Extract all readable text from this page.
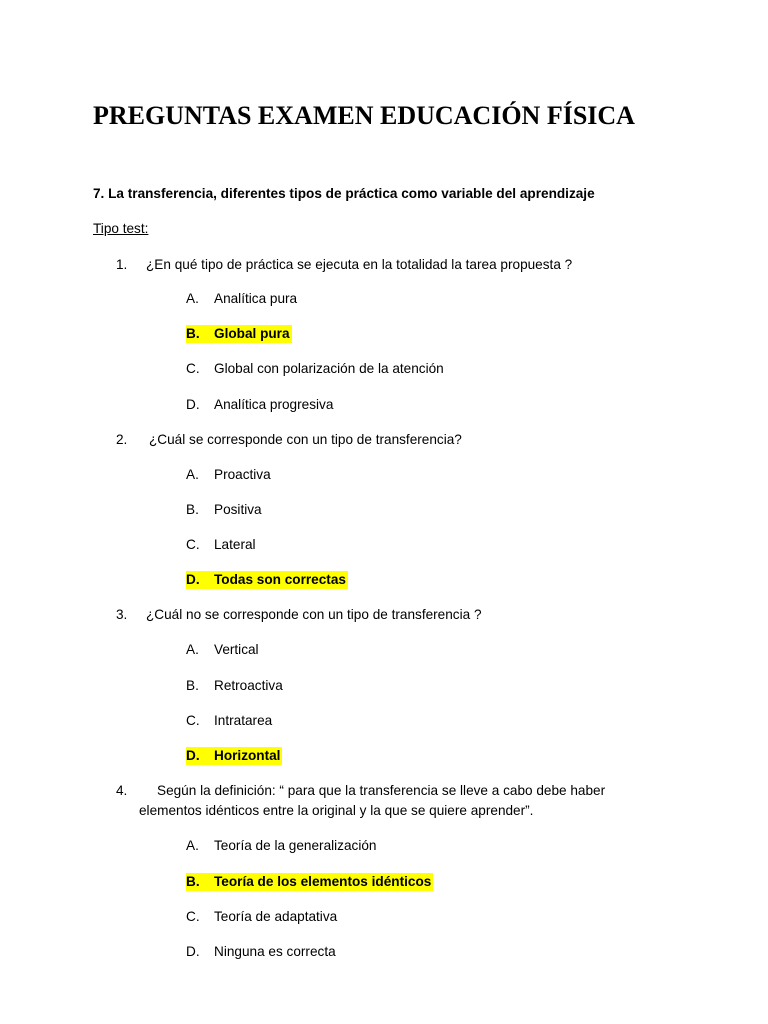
PREGUNTAS EXAMEN EDUCACIÓN FÍSICA
7. La transferencia, diferentes tipos de práctica como variable del aprendizaje
Tipo test:
1. ¿En qué tipo de práctica se ejecuta en la totalidad la tarea propuesta ?
A. Analítica pura
B. Global pura
C. Global con polarización de la atención
D. Analítica progresiva
2. ¿Cuál se corresponde con un tipo de transferencia?
A. Proactiva
B. Positiva
C. Lateral
D. Todas son correctas
3. ¿Cuál no se corresponde con un tipo de transferencia ?
A. Vertical
B. Retroactiva
C. Intratarea
D. Horizontal
4. Según la definición: “ para que la transferencia se lleve a cabo debe haber
elementos idénticos entre la original y la que se quiere aprender”.
A. Teoría de la generalización
B. Teoría de los elementos idénticos
C. Teoría de adaptativa
D. Ninguna es correcta
